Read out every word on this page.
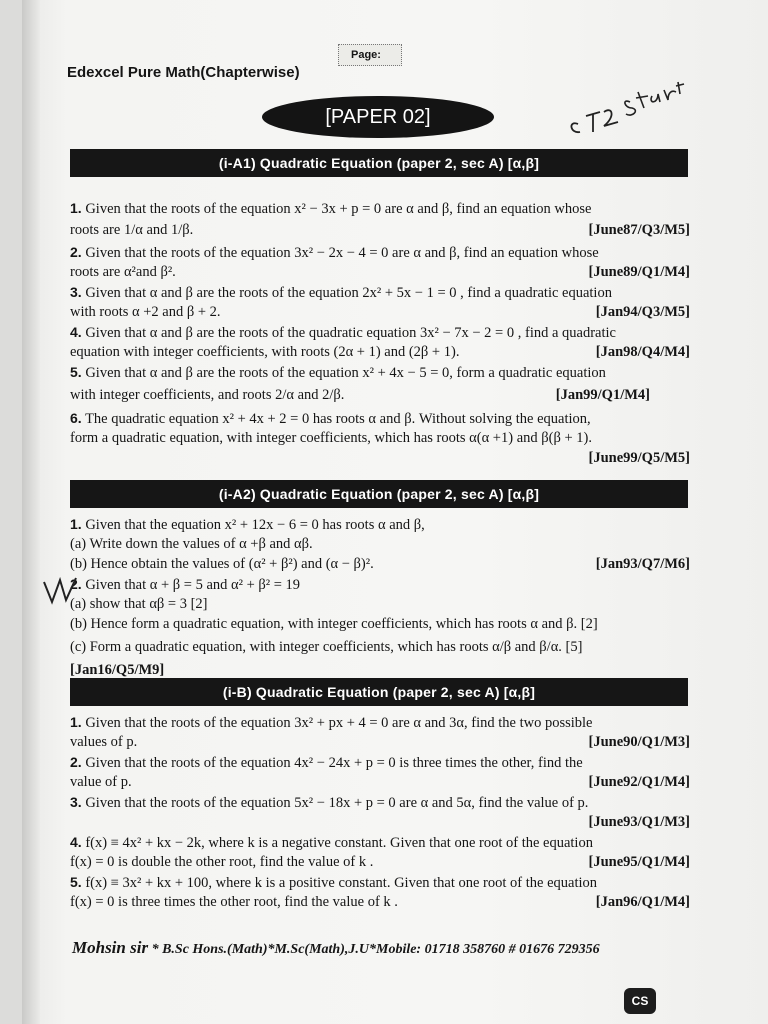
Page:
Edexcel Pure Math(Chapterwise)
[PAPER 02]
(i-A1) Quadratic Equation (paper 2, sec A) [α,β]
1. Given that the roots of the equation x² − 3x + p = 0 are α and β, find an equation whose
roots are 1/α and 1/β.	[June87/Q3/M5]
2. Given that the roots of the equation 3x² − 2x − 4 = 0 are α and β, find an equation whose
roots are α²and β².	[June89/Q1/M4]
3. Given that α and β are the roots of the equation 2x² + 5x − 1 = 0 , find a quadratic equation
with roots α +2 and β + 2.	[Jan94/Q3/M5]
4. Given that α and β are the roots of the quadratic equation 3x² − 7x − 2 = 0 , find a quadratic
equation with integer coefficients, with roots (2α + 1) and (2β + 1).	[Jan98/Q4/M4]
5. Given that α and β are the roots of the equation x² + 4x − 5 = 0, form a quadratic equation
with integer coefficients, and roots 2/α and 2/β.	[Jan99/Q1/M4]
6. The quadratic equation x² + 4x + 2 = 0 has roots α and β. Without solving the equation,
form a quadratic equation, with integer coefficients, which has roots α(α +1) and β(β + 1).
[June99/Q5/M5]
(i-A2) Quadratic Equation (paper 2, sec A) [α,β]
1. Given that the equation x² + 12x − 6 = 0 has roots α and β,
(a) Write down the values of α +β and αβ.
(b) Hence obtain the values of (α² + β²) and (α − β)².	[Jan93/Q7/M6]
2. Given that α + β = 5 and α² + β² = 19
(a) show that αβ = 3 [2]
(b) Hence form a quadratic equation, with integer coefficients, which has roots α and β. [2]
(c) Form a quadratic equation, with integer coefficients, which has roots α/β and β/α. [5]
[Jan16/Q5/M9]
(i-B) Quadratic Equation (paper 2, sec A) [α,β]
1. Given that the roots of the equation 3x² + px + 4 = 0 are α and 3α, find the two possible
values of p.	[June90/Q1/M3]
2. Given that the roots of the equation 4x² − 24x + p = 0 is three times the other, find the
value of p.	[June92/Q1/M4]
3. Given that the roots of the equation 5x² − 18x + p = 0 are α and 5α, find the value of p.
[June93/Q1/M3]
4. f(x) ≡ 4x² + kx − 2k, where k is a negative constant. Given that one root of the equation
f(x) = 0 is double the other root, find the value of k .	[June95/Q1/M4]
5. f(x) ≡ 3x² + kx + 100, where k is a positive constant. Given that one root of the equation
f(x) = 0 is three times the other root, find the value of k .	[Jan96/Q1/M4]
Mohsin sir * B.Sc Hons.(Math)*M.Sc(Math),J.U*Mobile: 01718 358760 # 01676 729356
CS
